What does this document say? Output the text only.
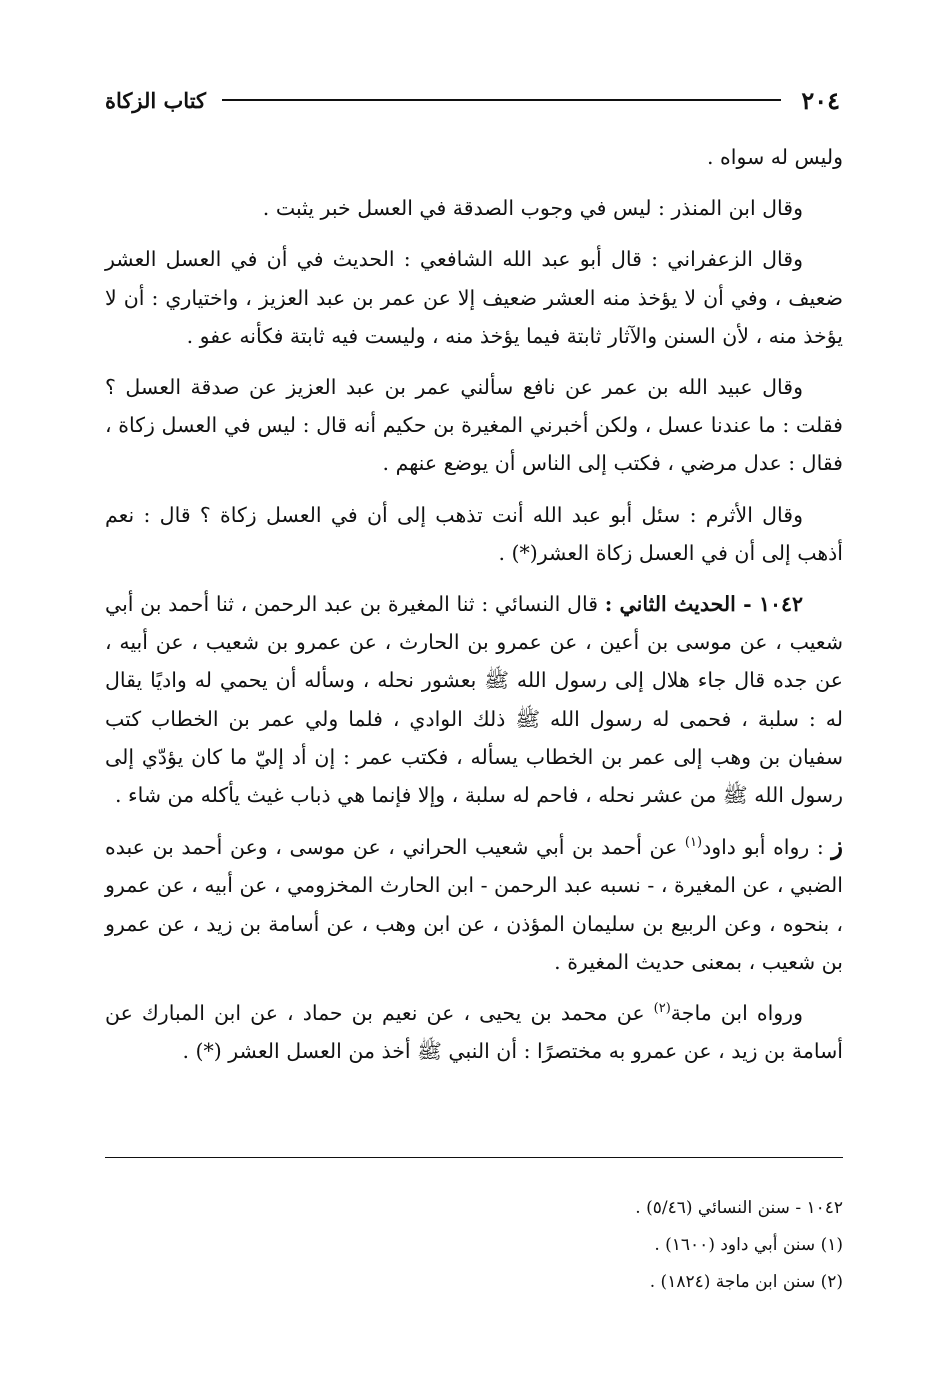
٢٠٤
كتاب الزكاة

وليس له سواه .

وقال ابن المنذر : ليس في وجوب الصدقة في العسل خبر يثبت .

وقال الزعفراني : قال أبو عبد الله الشافعي : الحديث في أن في العسل العشر ضعيف ، وفي أن لا يؤخذ منه العشر ضعيف إلا عن عمر بن عبد العزيز ، واختياري : أن لا يؤخذ منه ، لأن السنن والآثار ثابتة فيما يؤخذ منه ، وليست فيه ثابتة فكأنه عفو .

وقال عبيد الله بن عمر عن نافع سألني عمر بن عبد العزيز عن صدقة العسل ؟ فقلت : ما عندنا عسل ، ولكن أخبرني المغيرة بن حكيم أنه قال : ليس في العسل زكاة ، فقال : عدل مرضي ، فكتب إلى الناس أن يوضع عنهم .

وقال الأثرم : سئل أبو عبد الله أنت تذهب إلى أن في العسل زكاة ؟ قال : نعم أذهب إلى أن في العسل زكاة العشر(*) .

١٠٤٢ - الحديث الثاني : قال النسائي : ثنا المغيرة بن عبد الرحمن ، ثنا أحمد بن أبي شعيب ، عن موسى بن أعين ، عن عمرو بن الحارث ، عن عمرو بن شعيب ، عن أبيه ، عن جده قال جاء هلال إلى رسول الله ﷺ بعشور نحله ، وسأله أن يحمي له واديًا يقال له : سلبة ، فحمى له رسول الله ﷺ ذلك الوادي ، فلما ولي عمر بن الخطاب كتب سفيان بن وهب إلى عمر بن الخطاب يسأله ، فكتب عمر : إن أد إليّ ما كان يؤدّي إلى رسول الله ﷺ من عشر نحله ، فاحم له سلبة ، وإلا فإنما هي ذباب غيث يأكله من شاء .

ز : رواه أبو داود$^{(١)}$ عن أحمد بن أبي شعيب الحراني ، عن موسى ، وعن أحمد بن عبده الضبي ، عن المغيرة ، - نسبه عبد الرحمن - ابن الحارث المخزومي ، عن أبيه ، عن عمرو ، بنحوه ، وعن الربيع بن سليمان المؤذن ، عن ابن وهب ، عن أسامة بن زيد ، عن عمرو بن شعيب ، بمعنى حديث المغيرة .

ورواه ابن ماجة$^{(٢)}$ عن محمد بن يحيى ، عن نعيم بن حماد ، عن ابن المبارك عن أسامة بن زيد ، عن عمرو به مختصرًا : أن النبي ﷺ أخذ من العسل العشر (*) .

١٠٤٢ - سنن النسائي (٥/٤٦) .
(١) سنن أبي داود (١٦٠٠) .
(٢) سنن ابن ماجة (١٨٢٤) .
